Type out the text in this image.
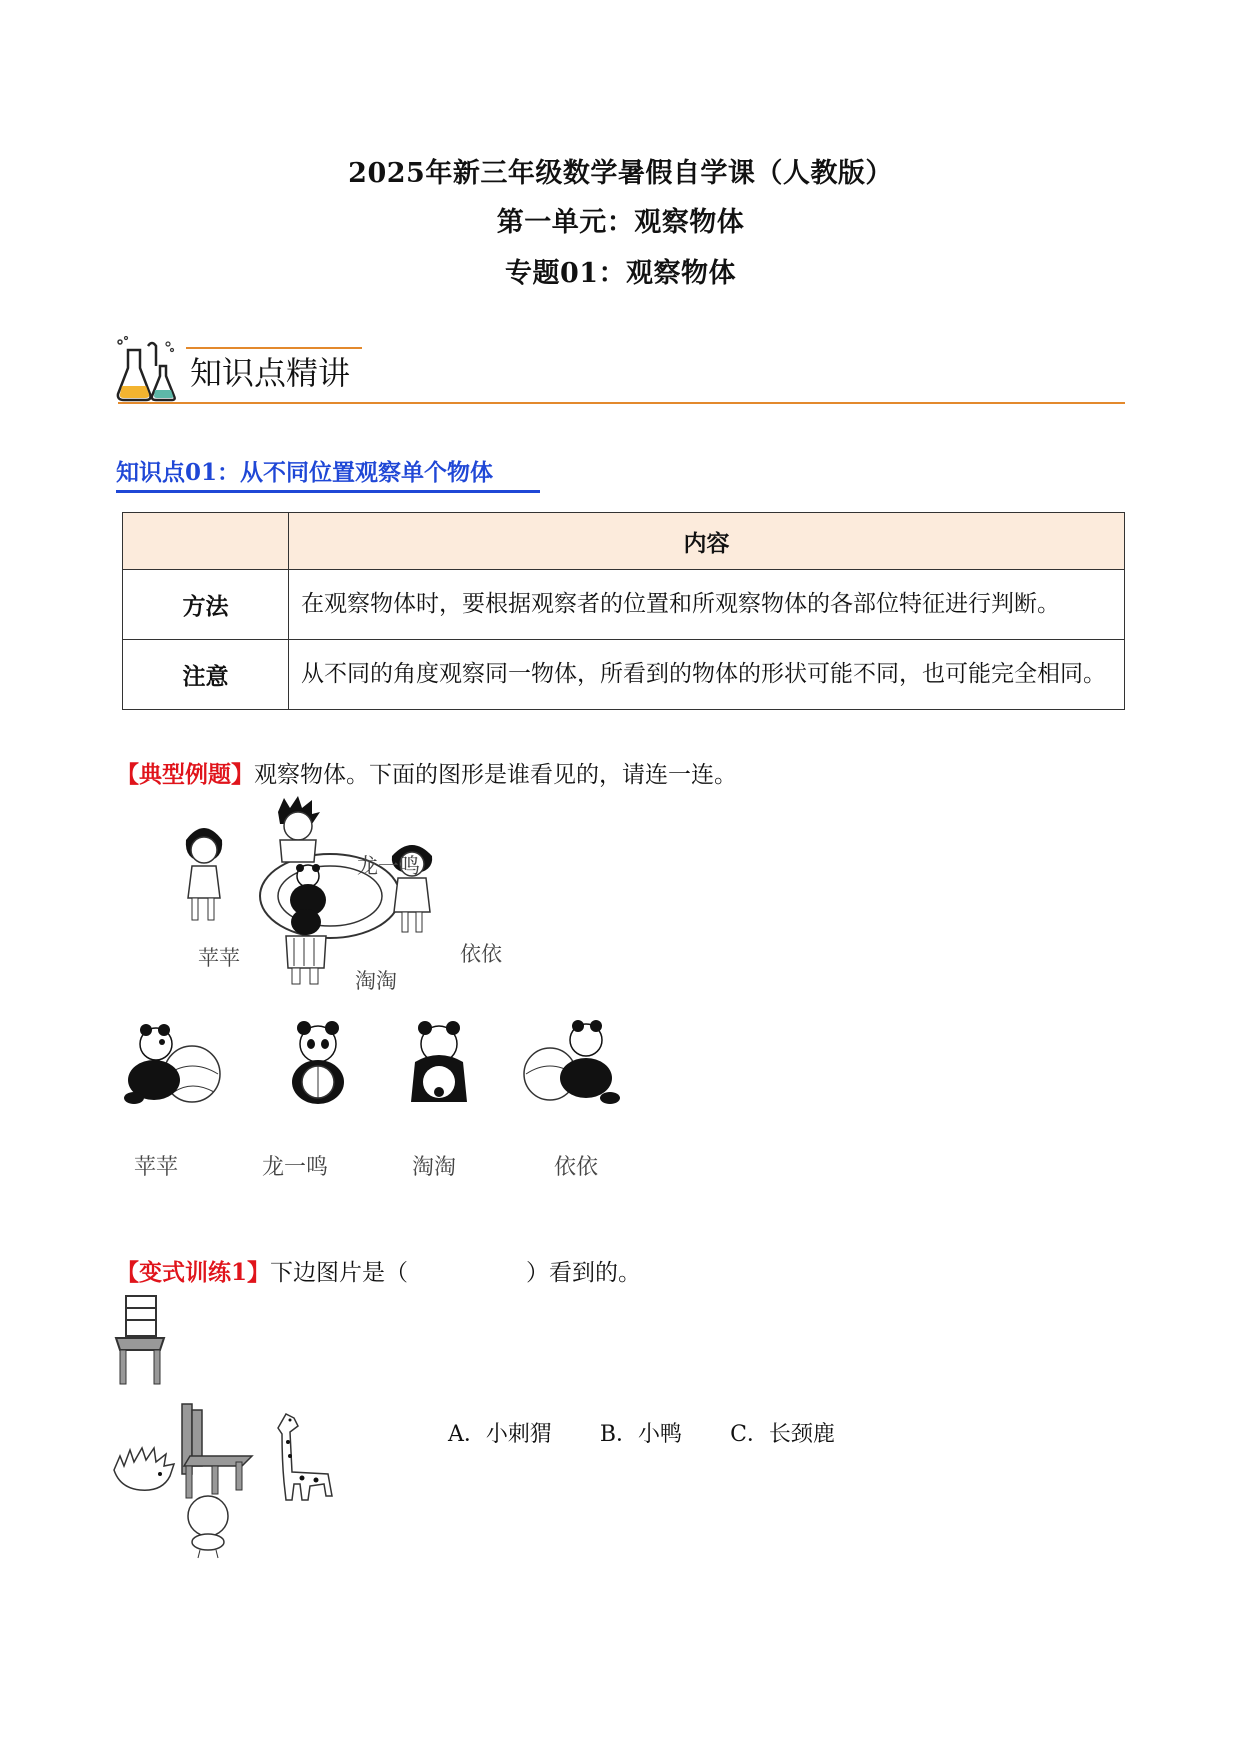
2025年新三年级数学暑假自学课（人教版）
第一单元：观察物体
专题01：观察物体
知识点精讲
知识点01：从不同位置观察单个物体
	内容
方法	在观察物体时，要根据观察者的位置和所观察物体的各部位特征进行判断。
注意	从不同的角度观察同一物体，所看到的物体的形状可能不同，也可能完全相同。
【典型例题】观察物体。下面的图形是谁看见的，请连一连。
苹苹
龙一鸣
淘淘
依依
苹苹	龙一鸣	淘淘	依依
【变式训练1】下边图片是（	）看到的。
A．小刺猬 B．小鸭 C．长颈鹿
